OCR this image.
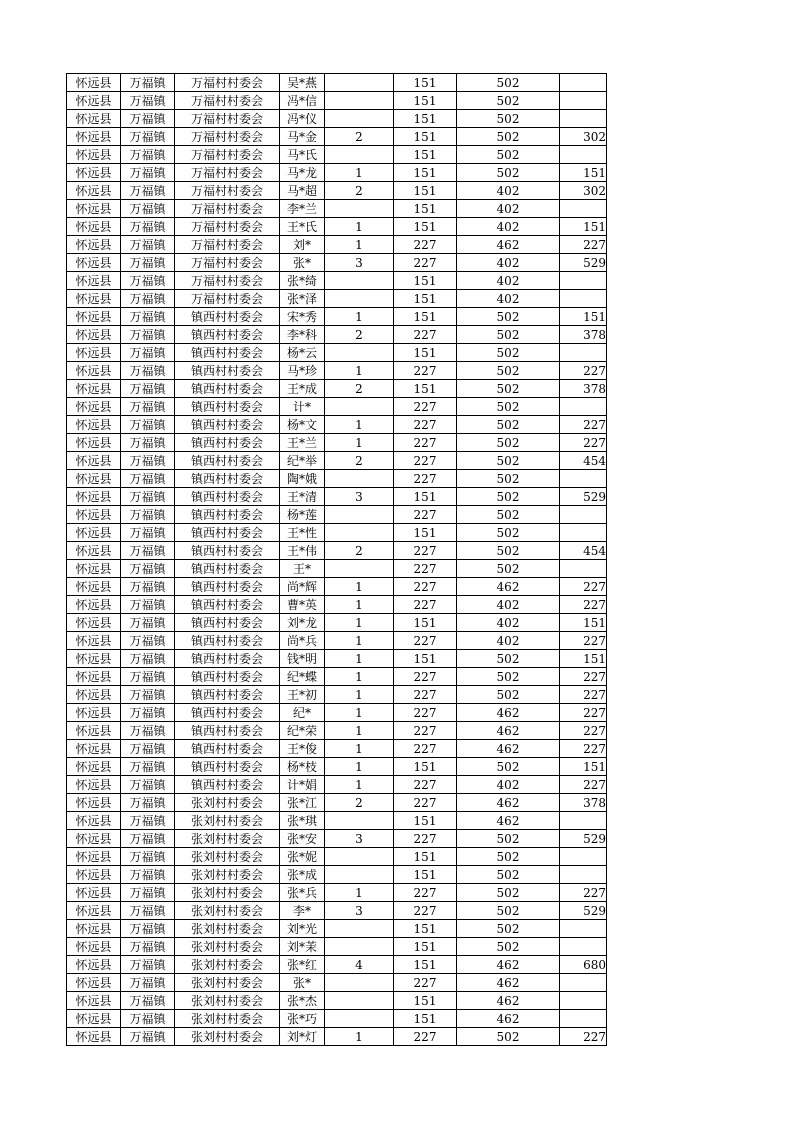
怀远县	万福镇	万福村村委会	吴*燕		151	502	
怀远县	万福镇	万福村村委会	冯*信		151	502	
怀远县	万福镇	万福村村委会	冯*仪		151	502	
怀远县	万福镇	万福村村委会	马*金	2	151	502	302
怀远县	万福镇	万福村村委会	马*氏		151	502	
怀远县	万福镇	万福村村委会	马*龙	1	151	502	151
怀远县	万福镇	万福村村委会	马*超	2	151	402	302
怀远县	万福镇	万福村村委会	李*兰		151	402	
怀远县	万福镇	万福村村委会	王*氏	1	151	402	151
怀远县	万福镇	万福村村委会	刘*	1	227	462	227
怀远县	万福镇	万福村村委会	张*	3	227	402	529
怀远县	万福镇	万福村村委会	张*绮		151	402	
怀远县	万福镇	万福村村委会	张*泽		151	402	
怀远县	万福镇	镇西村村委会	宋*秀	1	151	502	151
怀远县	万福镇	镇西村村委会	李*科	2	227	502	378
怀远县	万福镇	镇西村村委会	杨*云		151	502	
怀远县	万福镇	镇西村村委会	马*珍	1	227	502	227
怀远县	万福镇	镇西村村委会	王*成	2	151	502	378
怀远县	万福镇	镇西村村委会	计*		227	502	
怀远县	万福镇	镇西村村委会	杨*文	1	227	502	227
怀远县	万福镇	镇西村村委会	王*兰	1	227	502	227
怀远县	万福镇	镇西村村委会	纪*举	2	227	502	454
怀远县	万福镇	镇西村村委会	陶*娥		227	502	
怀远县	万福镇	镇西村村委会	王*清	3	151	502	529
怀远县	万福镇	镇西村村委会	杨*莲		227	502	
怀远县	万福镇	镇西村村委会	王*性		151	502	
怀远县	万福镇	镇西村村委会	王*伟	2	227	502	454
怀远县	万福镇	镇西村村委会	王*		227	502	
怀远县	万福镇	镇西村村委会	尚*辉	1	227	462	227
怀远县	万福镇	镇西村村委会	曹*英	1	227	402	227
怀远县	万福镇	镇西村村委会	刘*龙	1	151	402	151
怀远县	万福镇	镇西村村委会	尚*兵	1	227	402	227
怀远县	万福镇	镇西村村委会	钱*明	1	151	502	151
怀远县	万福镇	镇西村村委会	纪*蝶	1	227	502	227
怀远县	万福镇	镇西村村委会	王*初	1	227	502	227
怀远县	万福镇	镇西村村委会	纪*	1	227	462	227
怀远县	万福镇	镇西村村委会	纪*荣	1	227	462	227
怀远县	万福镇	镇西村村委会	王*俊	1	227	462	227
怀远县	万福镇	镇西村村委会	杨*枝	1	151	502	151
怀远县	万福镇	镇西村村委会	计*娟	1	227	402	227
怀远县	万福镇	张刘村村委会	张*江	2	227	462	378
怀远县	万福镇	张刘村村委会	张*琪		151	462	
怀远县	万福镇	张刘村村委会	张*安	3	227	502	529
怀远县	万福镇	张刘村村委会	张*妮		151	502	
怀远县	万福镇	张刘村村委会	张*成		151	502	
怀远县	万福镇	张刘村村委会	张*兵	1	227	502	227
怀远县	万福镇	张刘村村委会	李*	3	227	502	529
怀远县	万福镇	张刘村村委会	刘*光		151	502	
怀远县	万福镇	张刘村村委会	刘*茉		151	502	
怀远县	万福镇	张刘村村委会	张*红	4	151	462	680
怀远县	万福镇	张刘村村委会	张*		227	462	
怀远县	万福镇	张刘村村委会	张*杰		151	462	
怀远县	万福镇	张刘村村委会	张*巧		151	462	
怀远县	万福镇	张刘村村委会	刘*灯	1	227	502	227
